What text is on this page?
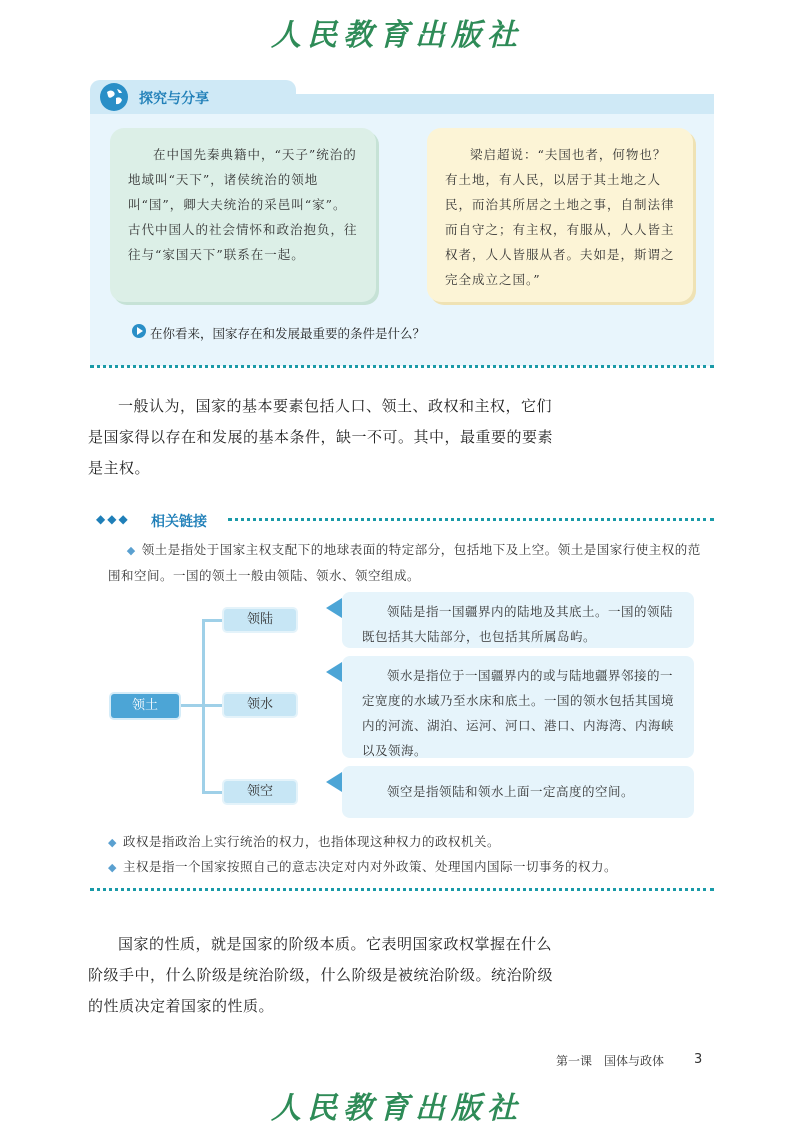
人民教育出版社
探究与分享
在中国先秦典籍中，“天子”统治的地域叫“天下”，诸侯统治的领地叫“国”，卿大夫统治的采邑叫“家”。古代中国人的社会情怀和政治抱负，往往与“家国天下”联系在一起。
梁启超说：“夫国也者，何物也？有土地，有人民，以居于其土地之人民，而治其所居之土地之事，自制法律而自守之；有主权，有服从，人人皆主权者，人人皆服从者。夫如是，斯谓之完全成立之国。”
在你看来，国家存在和发展最重要的条件是什么？
一般认为，国家的基本要素包括人口、领土、政权和主权，它们是国家得以存在和发展的基本条件，缺一不可。其中，最重要的要素是主权。
◆◆◆ 相关链接
◆ 领土是指处于国家主权支配下的地球表面的特定部分，包括地下及上空。领土是国家行使主权的范围和空间。一国的领土一般由领陆、领水、领空组成。
领土
领陆
领水
领空
领陆是指一国疆界内的陆地及其底土。一国的领陆既包括其大陆部分，也包括其所属岛屿。
领水是指位于一国疆界内的或与陆地疆界邻接的一定宽度的水域乃至水床和底土。一国的领水包括其国境内的河流、湖泊、运河、河口、港口、内海湾、内海峡以及领海。
领空是指领陆和领水上面一定高度的空间。
◆ 政权是指政治上实行统治的权力，也指体现这种权力的政权机关。
◆ 主权是指一个国家按照自己的意志决定对内对外政策、处理国内国际一切事务的权力。
国家的性质，就是国家的阶级本质。它表明国家政权掌握在什么阶级手中，什么阶级是统治阶级，什么阶级是被统治阶级。统治阶级的性质决定着国家的性质。
第一课　国体与政体 3
人民教育出版社
